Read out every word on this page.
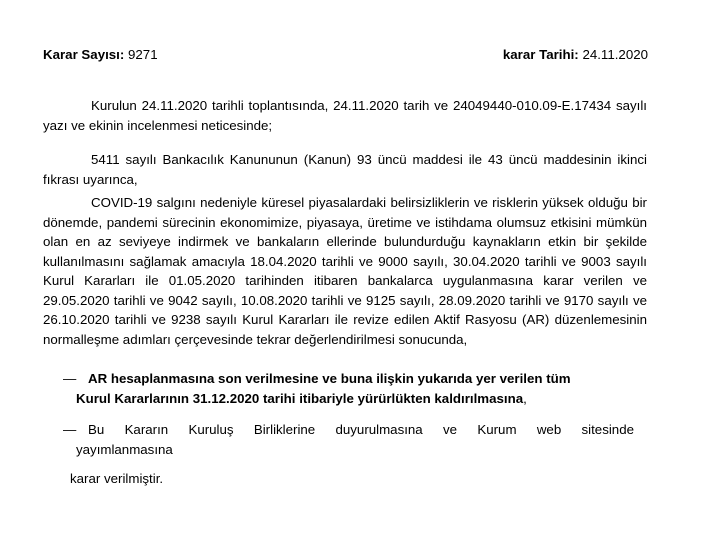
Karar Sayısı: 9271	karar Tarihi: 24.11.2020

Kurulun 24.11.2020 tarihli toplantısında, 24.11.2020 tarih ve 24049440-010.09-E.17434 sayılı yazı ve ekinin incelenmesi neticesinde;

5411 sayılı Bankacılık Kanununun (Kanun) 93 üncü maddesi ile 43 üncü maddesinin ikinci fıkrası uyarınca,

COVID-19 salgını nedeniyle küresel piyasalardaki belirsizliklerin ve risklerin yüksek olduğu bir dönemde, pandemi sürecinin ekonomimize, piyasaya, üretime ve istihdama olumsuz etkisini mümkün olan en az seviyeye indirmek ve bankaların ellerinde bulundurduğu kaynakların etkin bir şekilde kullanılmasını sağlamak amacıyla 18.04.2020 tarihli ve 9000 sayılı, 30.04.2020 tarihli ve 9003 sayılı Kurul Kararları ile 01.05.2020 tarihinden itibaren bankalarca uygulanmasına karar verilen ve 29.05.2020 tarihli ve 9042 sayılı, 10.08.2020 tarihli ve 9125 sayılı, 28.09.2020 tarihli ve 9170 sayılı ve 26.10.2020 tarihli ve 9238 sayılı Kurul Kararları ile revize edilen Aktif Rasyosu (AR) düzenlemesinin normalleşme adımları çerçevesinde tekrar değerlendirilmesi sonucunda,

— AR hesaplanmasına son verilmesine ve buna ilişkin yukarıda yer verilen tüm
Kurul Kararlarının 31.12.2020 tarihi itibariyle yürürlükten kaldırılmasına,
— Bu Kararın Kuruluş Birliklerine duyurulmasına ve Kurum web sitesinde
yayımlanmasına

karar verilmiştir.
